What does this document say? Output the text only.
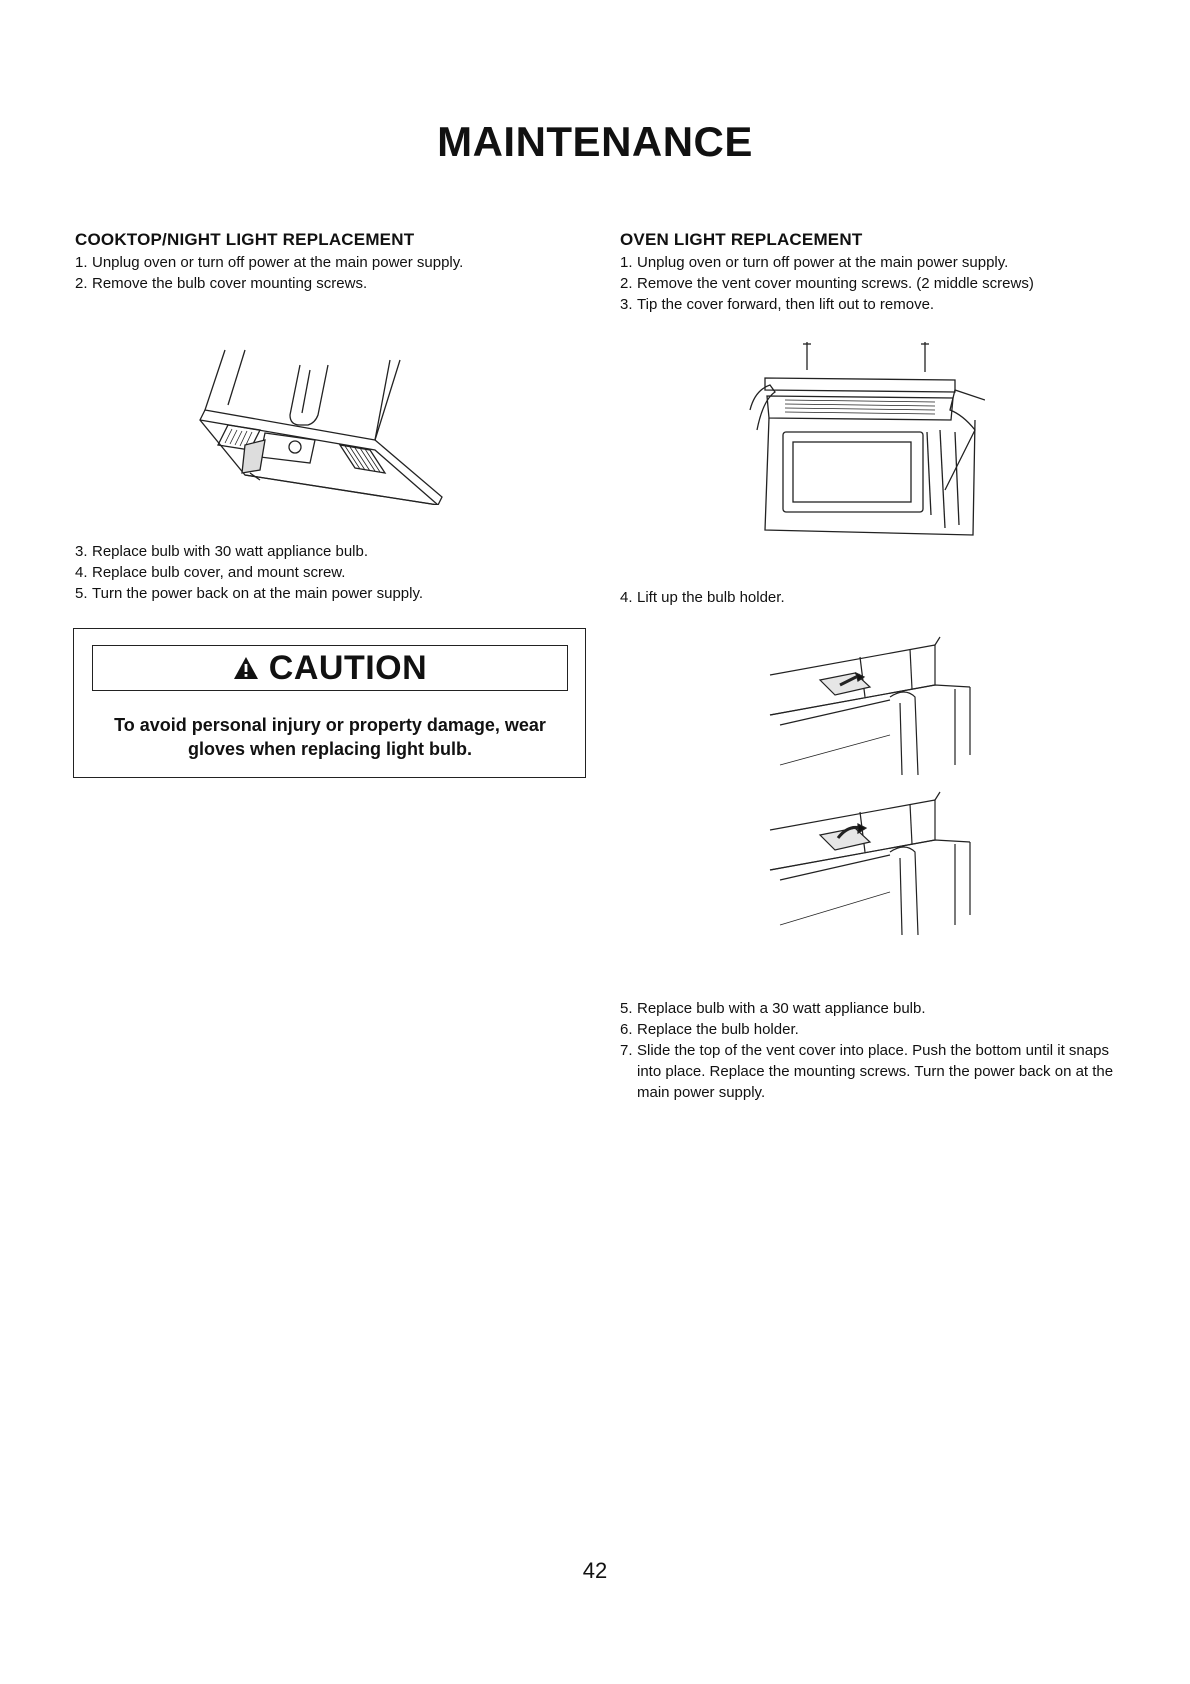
MAINTENANCE
COOKTOP/NIGHT LIGHT REPLACEMENT
1. Unplug oven or turn off power at the main power supply.
2. Remove the bulb cover mounting screws.
3. Replace bulb with 30 watt appliance bulb.
4. Replace bulb cover, and mount screw.
5. Turn the power back on at the main power supply.
CAUTION
To avoid personal injury or property damage, wear gloves when replacing light bulb.
OVEN LIGHT REPLACEMENT
1. Unplug oven or turn off power at the main power supply.
2. Remove the vent cover mounting screws. (2 middle screws)
3. Tip the cover forward, then lift out to remove.
4. Lift up the bulb holder.
5. Replace bulb with a 30 watt appliance bulb.
6. Replace the bulb holder.
7. Slide the top of the vent cover into place. Push the bottom until it snaps into place. Replace the mounting screws. Turn the power back on at the main power supply.
42
